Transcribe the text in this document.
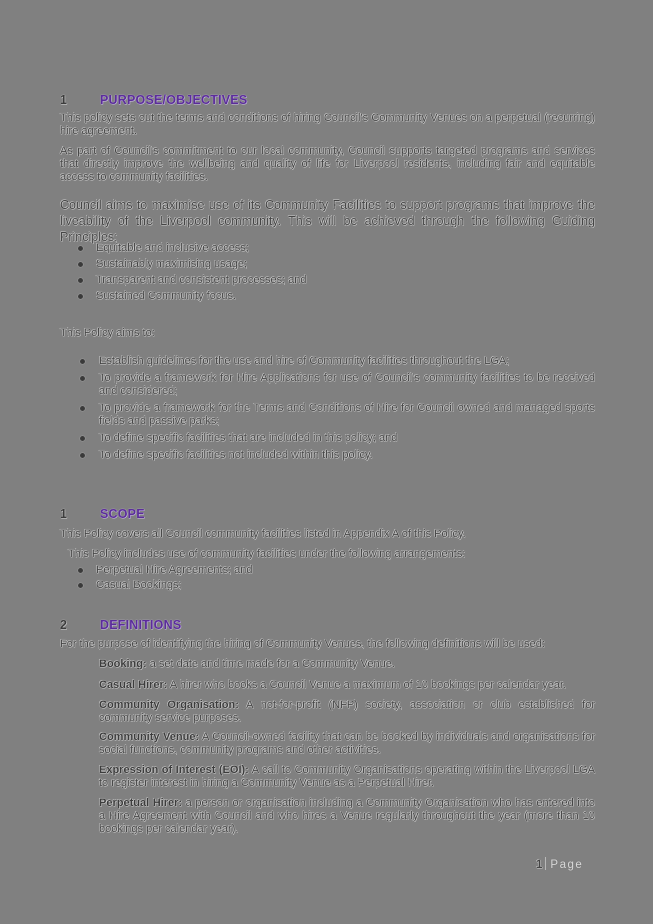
1	PURPOSE/OBJECTIVES

This policy sets out the terms and conditions of hiring Council's Community Venues on a perpetual (recurring) hire agreement.

As part of Council's commitment to our local community, Council supports targeted programs and services that directly improve the wellbeing and quality of life for Liverpool residents, including fair and equitable access to community facilities.

Council aims to maximise use of its Community Facilities to support programs that improve the liveability of the Liverpool community. This will be achieved through the following Guiding Principles:

Equitable and inclusive access;
Sustainably maximising usage;
Transparent and consistent processes; and
Sustained Community focus.

This Policy aims to:

Establish guidelines for the use and hire of Community facilities throughout the LGA;
To provide a framework for Hire Applications for use of Council's community facilities to be received and considered;
To provide a framework for the Terms and Conditions of Hire for Council owned and managed sports fields and passive parks;
To define specific facilities that are included in this policy; and
To define specific facilities not included within this policy.
1	SCOPE

This Policy covers all Council community facilities listed in Appendix A of this Policy.

This Policy includes use of community facilities under the following arrangements:

Perpetual Hire Agreements; and
Casual Bookings;
2	DEFINITIONS

For the purpose of identifying the hiring of Community Venues, the following definitions will be used:

Booking: a set date and time made for a Community Venue.
Casual Hirer: A hirer who books a Council Venue a maximum of 10 bookings per calendar year.
Community Organisation: A not-for-profit (NFP) society, association or club established for community service purposes.
Community Venue: A Council-owned facility that can be booked by individuals and organisations for social functions, community programs and other activities.
Expression of Interest (EOI): A call to Community Organisations operating within the Liverpool LGA to register interest in hiring a Community Venue as a Perpetual Hirer.
Perpetual Hirer: a person or organisation including a Community Organisation who has entered into a Hire Agreement with Council and who hires a Venue regularly throughout the year (more than 10 bookings per calendar year).
1 Page
